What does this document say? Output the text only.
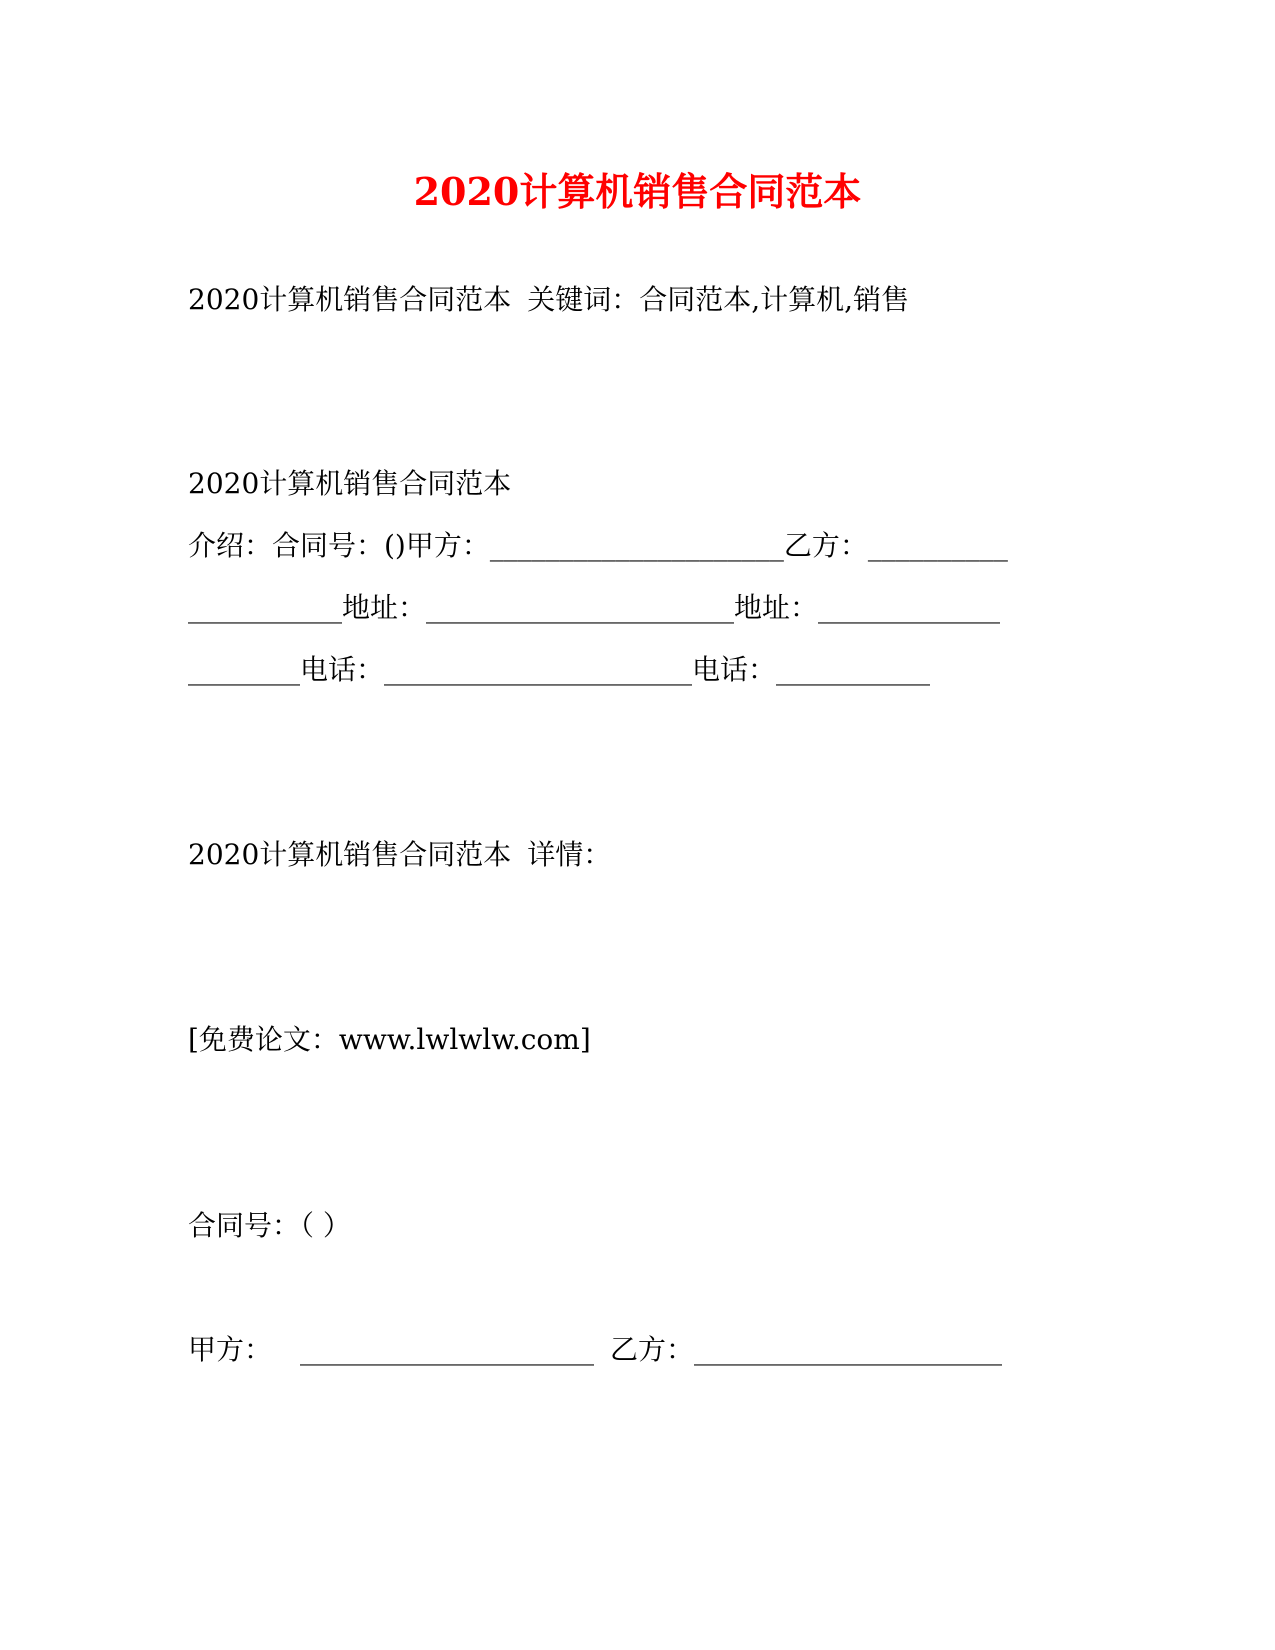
2020计算机销售合同范本
2020计算机销售合同范本 关键词：合同范本,计算机,销售
2020计算机销售合同范本
介绍：合同号：()甲方：_____________________乙方：__________
___________地址：______________________地址：_____________
________电话：______________________电话：___________
2020计算机销售合同范本 详情：
[免费论文：www.lwlwlw.com]
合同号：（ ）
甲方： _____________________ 乙方：______________________
